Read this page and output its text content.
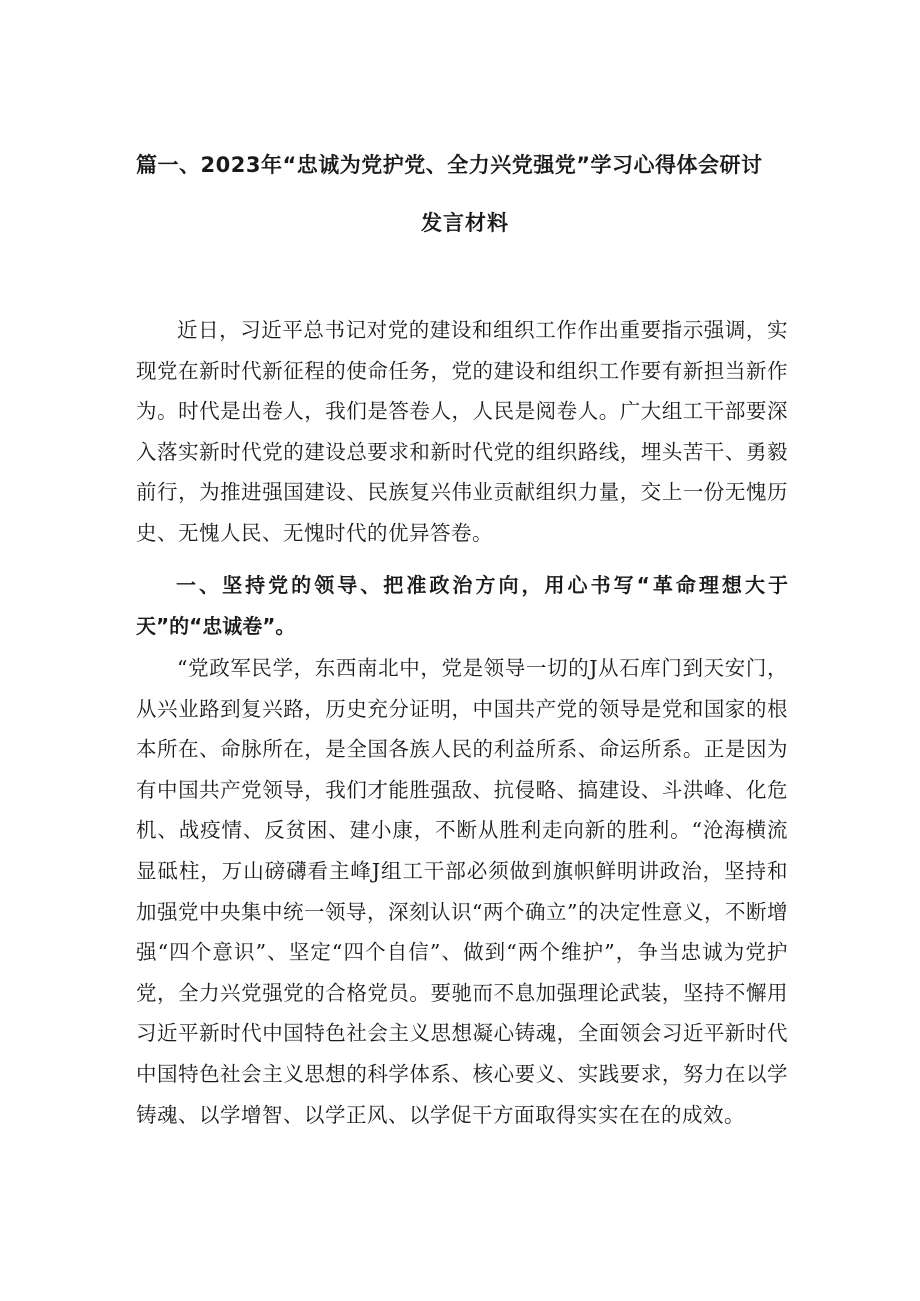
篇一、2023年“忠诚为党护党、全力兴党强党”学习心得体会研讨
发言材料
近日，习近平总书记对党的建设和组织工作作出重要指示强调，实现党在新时代新征程的使命任务，党的建设和组织工作要有新担当新作为。时代是出卷人，我们是答卷人，人民是阅卷人。广大组工干部要深入落实新时代党的建设总要求和新时代党的组织路线，埋头苦干、勇毅前行，为推进强国建设、民族复兴伟业贡献组织力量，交上一份无愧历史、无愧人民、无愧时代的优异答卷。
一、坚持党的领导、把准政治方向，用心书写“革命理想大于天”的“忠诚卷”。
“党政军民学，东西南北中，党是领导一切的J从石库门到天安门，从兴业路到复兴路，历史充分证明，中国共产党的领导是党和国家的根本所在、命脉所在，是全国各族人民的利益所系、命运所系。正是因为有中国共产党领导，我们才能胜强敌、抗侵略、搞建设、斗洪峰、化危机、战疫情、反贫困、建小康，不断从胜利走向新的胜利。“沧海横流显砥柱，万山磅礴看主峰J组工干部必须做到旗帜鲜明讲政治，坚持和加强党中央集中统一领导，深刻认识“两个确立”的决定性意义，不断增强“四个意识”、坚定“四个自信”、做到“两个维护”，争当忠诚为党护党，全力兴党强党的合格党员。要驰而不息加强理论武装，坚持不懈用习近平新时代中国特色社会主义思想凝心铸魂，全面领会习近平新时代中国特色社会主义思想的科学体系、核心要义、实践要求，努力在以学铸魂、以学增智、以学正风、以学促干方面取得实实在在的成效。
